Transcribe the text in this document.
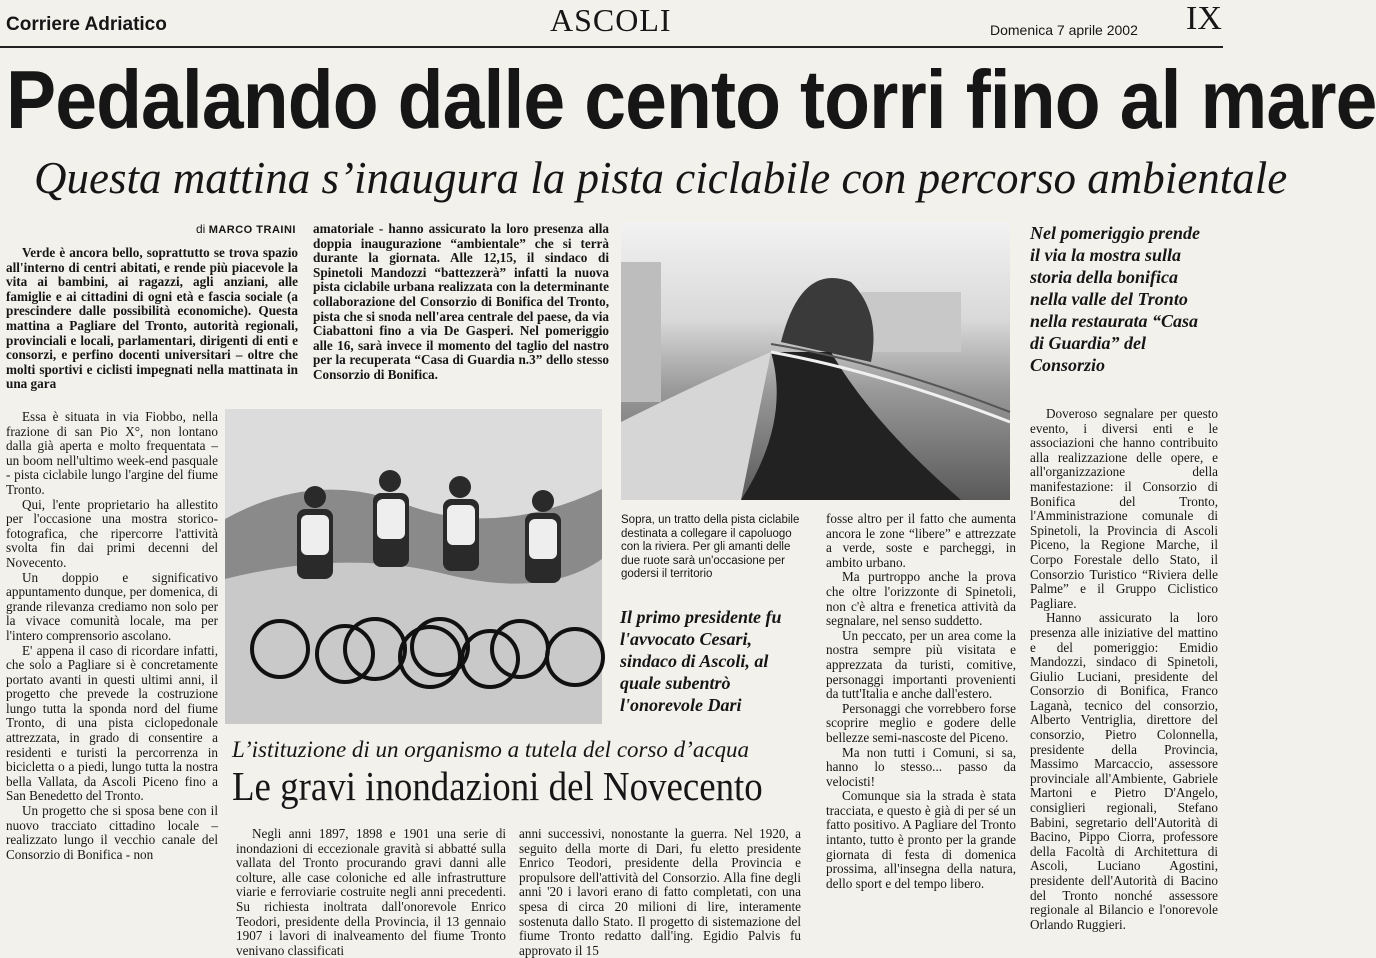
Corriere Adriatico	ASCOLI	Domenica 7 aprile 2002 IX
Pedalando dalle cento torri fino al mare
Questa mattina s’inaugura la pista ciclabile con percorso ambientale
di MARCO TRAINI

Verde è ancora bello, soprattutto se trova spazio all'interno di centri abitati, e rende più piacevole la vita ai bambini, ai ragazzi, agli anziani, alle famiglie e ai cittadini di ogni età e fascia sociale (a prescindere dalle possibilità economiche). Questa mattina a Pagliare del Tronto, autorità regionali, provinciali e locali, parlamentari, dirigenti di enti e consorzi, e perfino docenti universitari – oltre che molti sportivi e ciclisti impegnati nella mattinata in una gara

amatoriale - hanno assicurato la loro presenza alla doppia inaugurazione “ambientale” che si terrà durante la giornata. Alle 12,15, il sindaco di Spinetoli Mandozzi “battezzerà” infatti la nuova pista ciclabile urbana realizzata con la determinante collaborazione del Consorzio di Bonifica del Tronto, pista che si snoda nell'area centrale del paese, da via Ciabattoni fino a via De Gasperi. Nel pomeriggio alle 16, sarà invece il momento del taglio del nastro per la recuperata “Casa di Guardia n.3” dello stesso Consorzio di Bonifica.

Essa è situata in via Fiobbo, nella frazione di san Pio X°, non lontano dalla già aperta e molto frequentata – un boom nell'ultimo week-end pasquale - pista ciclabile lungo l'argine del fiume Tronto.

Qui, l'ente proprietario ha allestito per l'occasione una mostra storico-fotografica, che ripercorre l'attività svolta fin dai primi decenni del Novecento.

Un doppio e significativo appuntamento dunque, per domenica, di grande rilevanza crediamo non solo per la vivace comunità locale, ma per l'intero comprensorio ascolano.

E' appena il caso di ricordare infatti, che solo a Pagliare si è concretamente portato avanti in questi ultimi anni, il progetto che prevede la costruzione lungo tutta la sponda nord del fiume Tronto, di una pista ciclopedonale attrezzata, in grado di consentire a residenti e turisti la percorrenza in bicicletta o a piedi, lungo tutta la nostra bella Vallata, da Ascoli Piceno fino a San Benedetto del Tronto.

Un progetto che si sposa bene con il nuovo tracciato cittadino locale – realizzato lungo il vecchio canale del Consorzio di Bonifica - non

Sopra, un tratto della pista ciclabile destinata a collegare il capoluogo con la riviera. Per gli amanti delle due ruote sarà un'occasione per godersi il territorio
Nel pomeriggio prende il via la mostra sulla storia della bonifica nella valle del Tronto nella restaurata “Casa di Guardia” del Consorzio

fosse altro per il fatto che aumenta ancora le zone “libere” e attrezzate a verde, soste e parcheggi, in ambito urbano.

Ma purtroppo anche la prova che oltre l'orizzonte di Spinetoli, non c'è altra e frenetica attività da segnalare, nel senso suddetto.

Un peccato, per un area come la nostra sempre più visitata e apprezzata da turisti, comitive, personaggi importanti provenienti da tutt'Italia e anche dall'estero.

Personaggi che vorrebbero forse scoprire meglio e godere delle bellezze semi-nascoste del Piceno.

Ma non tutti i Comuni, si sa, hanno lo stesso... passo da velocisti!

Comunque sia la strada è stata tracciata, e questo è già di per sé un fatto positivo. A Pagliare del Tronto intanto, tutto è pronto per la grande giornata di festa di domenica prossima, all'insegna della natura, dello sport e del tempo libero.

Doveroso segnalare per questo evento, i diversi enti e le associazioni che hanno contribuito alla realizzazione delle opere, e all'organizzazione della manifestazione: il Consorzio di Bonifica del Tronto, l'Amministrazione comunale di Spinetoli, la Provincia di Ascoli Piceno, la Regione Marche, il Corpo Forestale dello Stato, il Consorzio Turistico “Riviera delle Palme” e il Gruppo Ciclistico Pagliare.

Hanno assicurato la loro presenza alle iniziative del mattino e del pomeriggio: Emidio Mandozzi, sindaco di Spinetoli, Giulio Luciani, presidente del Consorzio di Bonifica, Franco Laganà, tecnico del consorzio, Alberto Ventriglia, direttore del consorzio, Pietro Colonnella, presidente della Provincia, Massimo Marcaccio, assessore provinciale all'Ambiente, Gabriele Martoni e Pietro D'Angelo, consiglieri regionali, Stefano Babini, segretario dell'Autorità di Bacino, Pippo Ciorra, professore della Facoltà di Architettura di Ascoli, Luciano Agostini, presidente dell'Autorità di Bacino del Tronto nonché assessore regionale al Bilancio e l'onorevole Orlando Ruggieri.

Il primo presidente fu l'avvocato Cesari, sindaco di Ascoli, al quale subentrò l'onorevole Dari
L’istituzione di un organismo a tutela del corso d’acqua
Le gravi inondazioni del Novecento

Negli anni 1897, 1898 e 1901 una serie di inondazioni di eccezionale gravità si abbatté sulla vallata del Tronto procurando gravi danni alle colture, alle case coloniche ed alle infrastrutture viarie e ferroviarie costruite negli anni precedenti. Su richiesta inoltrata dall'onorevole Enrico Teodori, presidente della Provincia, il 13 gennaio 1907 i lavori di inalveamento del fiume Tronto venivano classificati

anni successivi, nonostante la guerra. Nel 1920, a seguito della morte di Dari, fu eletto presidente Enrico Teodori, presidente della Provincia e propulsore dell'attività del Consorzio. Alla fine degli anni '20 i lavori erano di fatto completati, con una spesa di circa 20 milioni di lire, interamente sostenuta dallo Stato. Il progetto di sistemazione del fiume Tronto redatto dall'ing. Egidio Palvis fu approvato il 15
